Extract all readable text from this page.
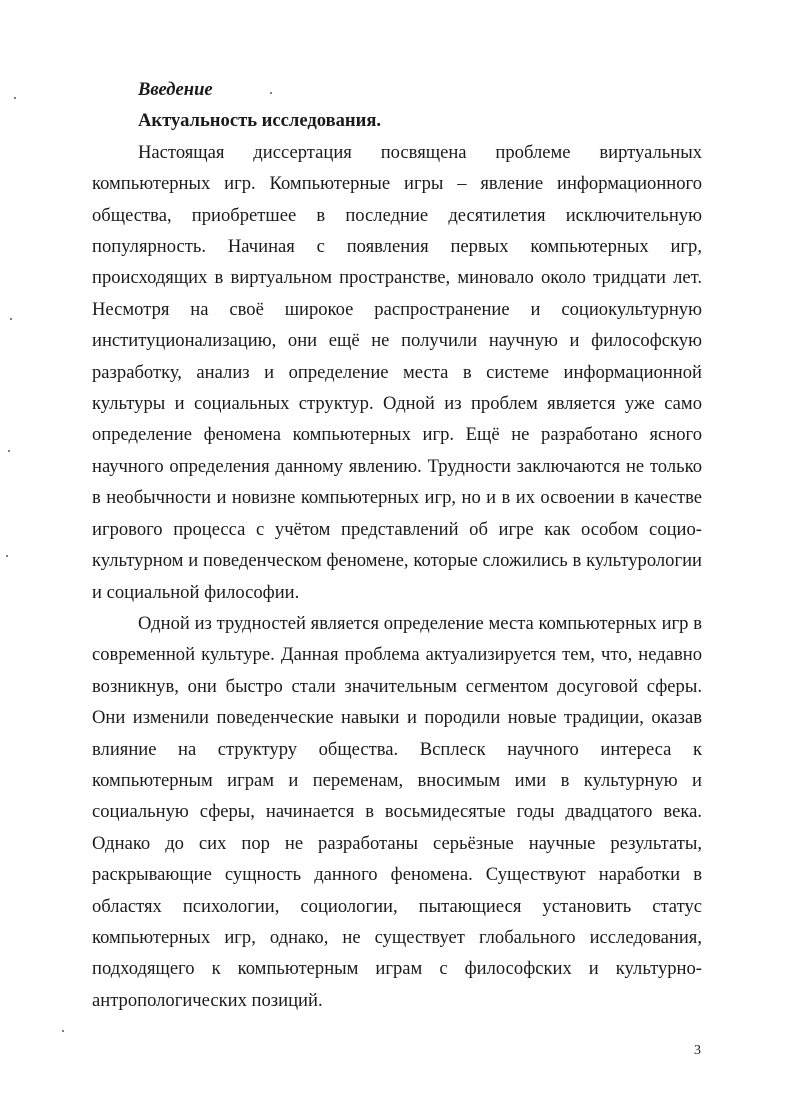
Введение
Актуальность исследования.

Настоящая диссертация посвящена проблеме виртуальных компьютерных игр. Компьютерные игры – явление информационного общества, приобретшее в последние десятилетия исключительную популярность. Начиная с появления первых компьютерных игр, происходящих в виртуальном пространстве, миновало около тридцати лет. Несмотря на своё широкое распространение и социокультурную институционализацию, они ещё не получили научную и философскую разработку, анализ и определение места в системе информационной культуры и социальных структур. Одной из проблем является уже само определение феномена компьютерных игр. Ещё не разработано ясного научного определения данному явлению. Трудности заключаются не только в необычности и новизне компьютерных игр, но и в их освоении в качестве игрового процесса с учётом представлений об игре как особом социо-культурном и поведенческом феномене, которые сложились в культурологии и социальной философии.

Одной из трудностей является определение места компьютерных игр в современной культуре. Данная проблема актуализируется тем, что, недавно возникнув, они быстро стали значительным сегментом досуговой сферы. Они изменили поведенческие навыки и породили новые традиции, оказав влияние на структуру общества. Всплеск научного интереса к компьютерным играм и переменам, вносимым ими в культурную и социальную сферы, начинается в восьмидесятые годы двадцатого века. Однако до сих пор не разработаны серьёзные научные результаты, раскрывающие сущность данного феномена. Существуют наработки в областях психологии, социологии, пытающиеся установить статус компьютерных игр, однако, не существует глобального исследования, подходящего к компьютерным играм с философских и культурно-антропологических позиций.

3
